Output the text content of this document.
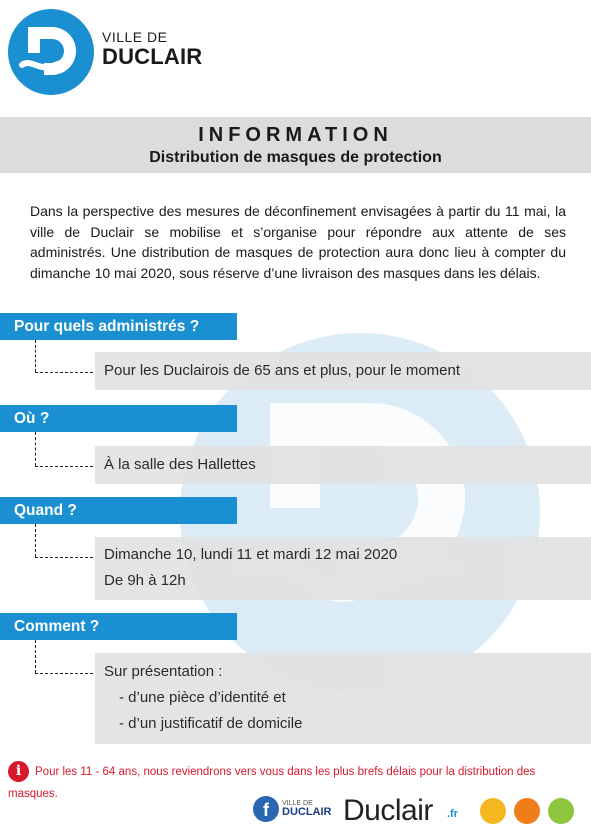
VILLE DE
DUCLAIR
INFORMATION
Distribution de masques de protection
Dans la perspective des mesures de déconfinement envisagées à partir du 11 mai, la ville de Duclair se mobilise et s’organise pour répondre aux attente de ses administrés. Une distribution de masques de protection aura donc lieu à compter du dimanche 10 mai 2020, sous réserve d’une livraison des masques dans les délais.
Pour quels administrés ?
Pour les Duclairois de 65 ans et plus, pour le moment
Où ?
À la salle des Hallettes
Quand ?
Dimanche 10, lundi 11 et mardi 12 mai 2020
De 9h à 12h
Comment ?
Sur présentation :
- d’une pièce d’identité et
- d’un justificatif de domicile
i Pour les 11 - 64 ans, nous reviendrons vers vous dans les plus brefs délais pour la distribution des masques.
f	VILLE DE
DUCLAIR Duclair .fr
